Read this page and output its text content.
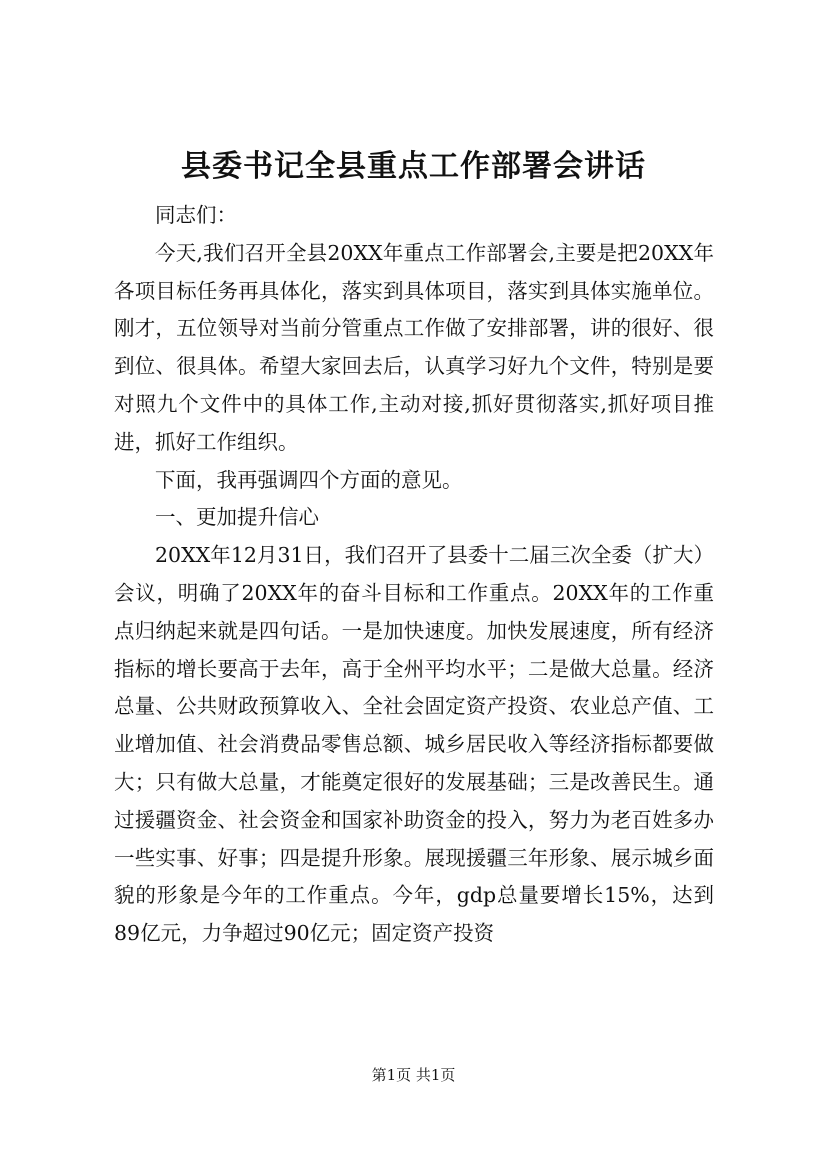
县委书记全县重点工作部署会讲话

同志们：

今天,我们召开全县20XX年重点工作部署会,主要是把20XX年各项目标任务再具体化，落实到具体项目，落实到具体实施单位。刚才，五位领导对当前分管重点工作做了安排部署，讲的很好、很到位、很具体。希望大家回去后，认真学习好九个文件，特别是要对照九个文件中的具体工作,主动对接,抓好贯彻落实,抓好项目推进，抓好工作组织。

下面，我再强调四个方面的意见。

一、更加提升信心

20XX年12月31日，我们召开了县委十二届三次全委（扩大）会议，明确了20XX年的奋斗目标和工作重点。20XX年的工作重点归纳起来就是四句话。一是加快速度。加快发展速度，所有经济指标的增长要高于去年，高于全州平均水平；二是做大总量。经济总量、公共财政预算收入、全社会固定资产投资、农业总产值、工业增加值、社会消费品零售总额、城乡居民收入等经济指标都要做大；只有做大总量，才能奠定很好的发展基础；三是改善民生。通过援疆资金、社会资金和国家补助资金的投入，努力为老百姓多办一些实事、好事；四是提升形象。展现援疆三年形象、展示城乡面貌的形象是今年的工作重点。今年，gdp总量要增长15%，达到89亿元，力争超过90亿元；固定资产投资

第1页 共1页
